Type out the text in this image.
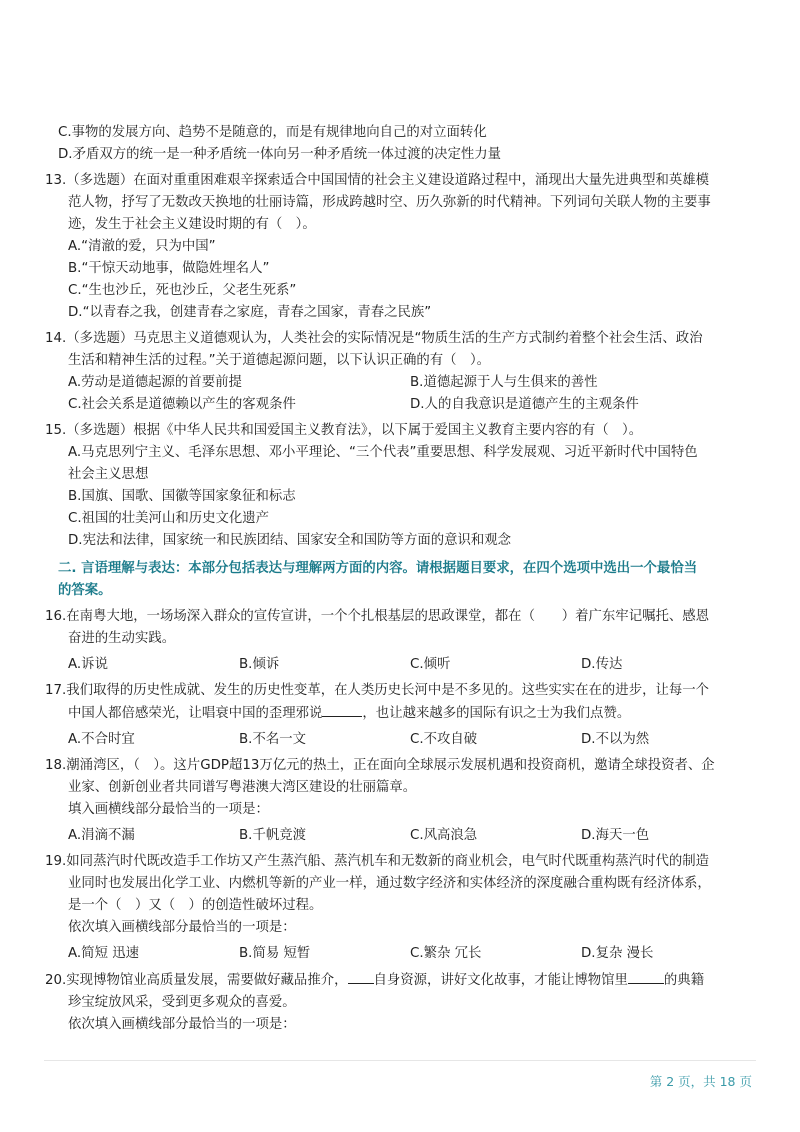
C.事物的发展方向、趋势不是随意的，而是有规律地向自己的对立面转化
D.矛盾双方的统一是一种矛盾统一体向另一种矛盾统一体过渡的决定性力量
13.（多选题）在面对重重困难艰辛探索适合中国国情的社会主义建设道路过程中，涌现出大量先进典型和英雄模
范人物，抒写了无数改天换地的壮丽诗篇，形成跨越时空、历久弥新的时代精神。下列词句关联人物的主要事
迹，发生于社会主义建设时期的有（　）。
A.“清澈的爱，只为中国”
B.“干惊天动地事，做隐姓埋名人”
C.“生也沙丘，死也沙丘，父老生死系”
D.“以青春之我，创建青春之家庭，青春之国家，青春之民族”
14.（多选题）马克思主义道德观认为，人类社会的实际情况是“物质生活的生产方式制约着整个社会生活、政治
生活和精神生活的过程。”关于道德起源问题，以下认识正确的有（　）。
A.劳动是道德起源的首要前提	B.道德起源于人与生俱来的善性
C.社会关系是道德赖以产生的客观条件	D.人的自我意识是道德产生的主观条件
15.（多选题）根据《中华人民共和国爱国主义教育法》，以下属于爱国主义教育主要内容的有（　）。
A.马克思列宁主义、毛泽东思想、邓小平理论、“三个代表”重要思想、科学发展观、习近平新时代中国特色
社会主义思想
B.国旗、国歌、国徽等国家象征和标志
C.祖国的壮美河山和历史文化遗产
D.宪法和法律，国家统一和民族团结、国家安全和国防等方面的意识和观念
二. 言语理解与表达：本部分包括表达与理解两方面的内容。请根据题目要求，在四个选项中选出一个最恰当
的答案。
16.在南粤大地，一场场深入群众的宣传宣讲，一个个扎根基层的思政课堂，都在（　　）着广东牢记嘱托、感恩
奋进的生动实践。
A.诉说	B.倾诉	C.倾听	D.传达
17.我们取得的历史性成就、发生的历史性变革，在人类历史长河中是不多见的。这些实实在在的进步，让每一个
中国人都倍感荣光，让唱衰中国的歪理邪说	，也让越来越多的国际有识之士为我们点赞。
A.不合时宜	B.不名一文	C.不攻自破	D.不以为然
18.潮涌湾区，（　）。这片GDP超13万亿元的热土，正在面向全球展示发展机遇和投资商机，邀请全球投资者、企
业家、创新创业者共同谱写粤港澳大湾区建设的壮丽篇章。
填入画横线部分最恰当的一项是：
A.涓滴不漏	B.千帆竞渡	C.风高浪急	D.海天一色
19.如同蒸汽时代既改造手工作坊又产生蒸汽船、蒸汽机车和无数新的商业机会，电气时代既重构蒸汽时代的制造
业同时也发展出化学工业、内燃机等新的产业一样，通过数字经济和实体经济的深度融合重构既有经济体系，
是一个（　）又（　）的创造性破坏过程。
依次填入画横线部分最恰当的一项是：
A.简短 迅速	B.简易 短暂	C.繁杂 冗长	D.复杂 漫长
20.实现博物馆业高质量发展，需要做好藏品推介， 自身资源，讲好文化故事，才能让博物馆里	的典籍
珍宝绽放风采，受到更多观众的喜爱。
依次填入画横线部分最恰当的一项是：
第 2 页，共 18 页
